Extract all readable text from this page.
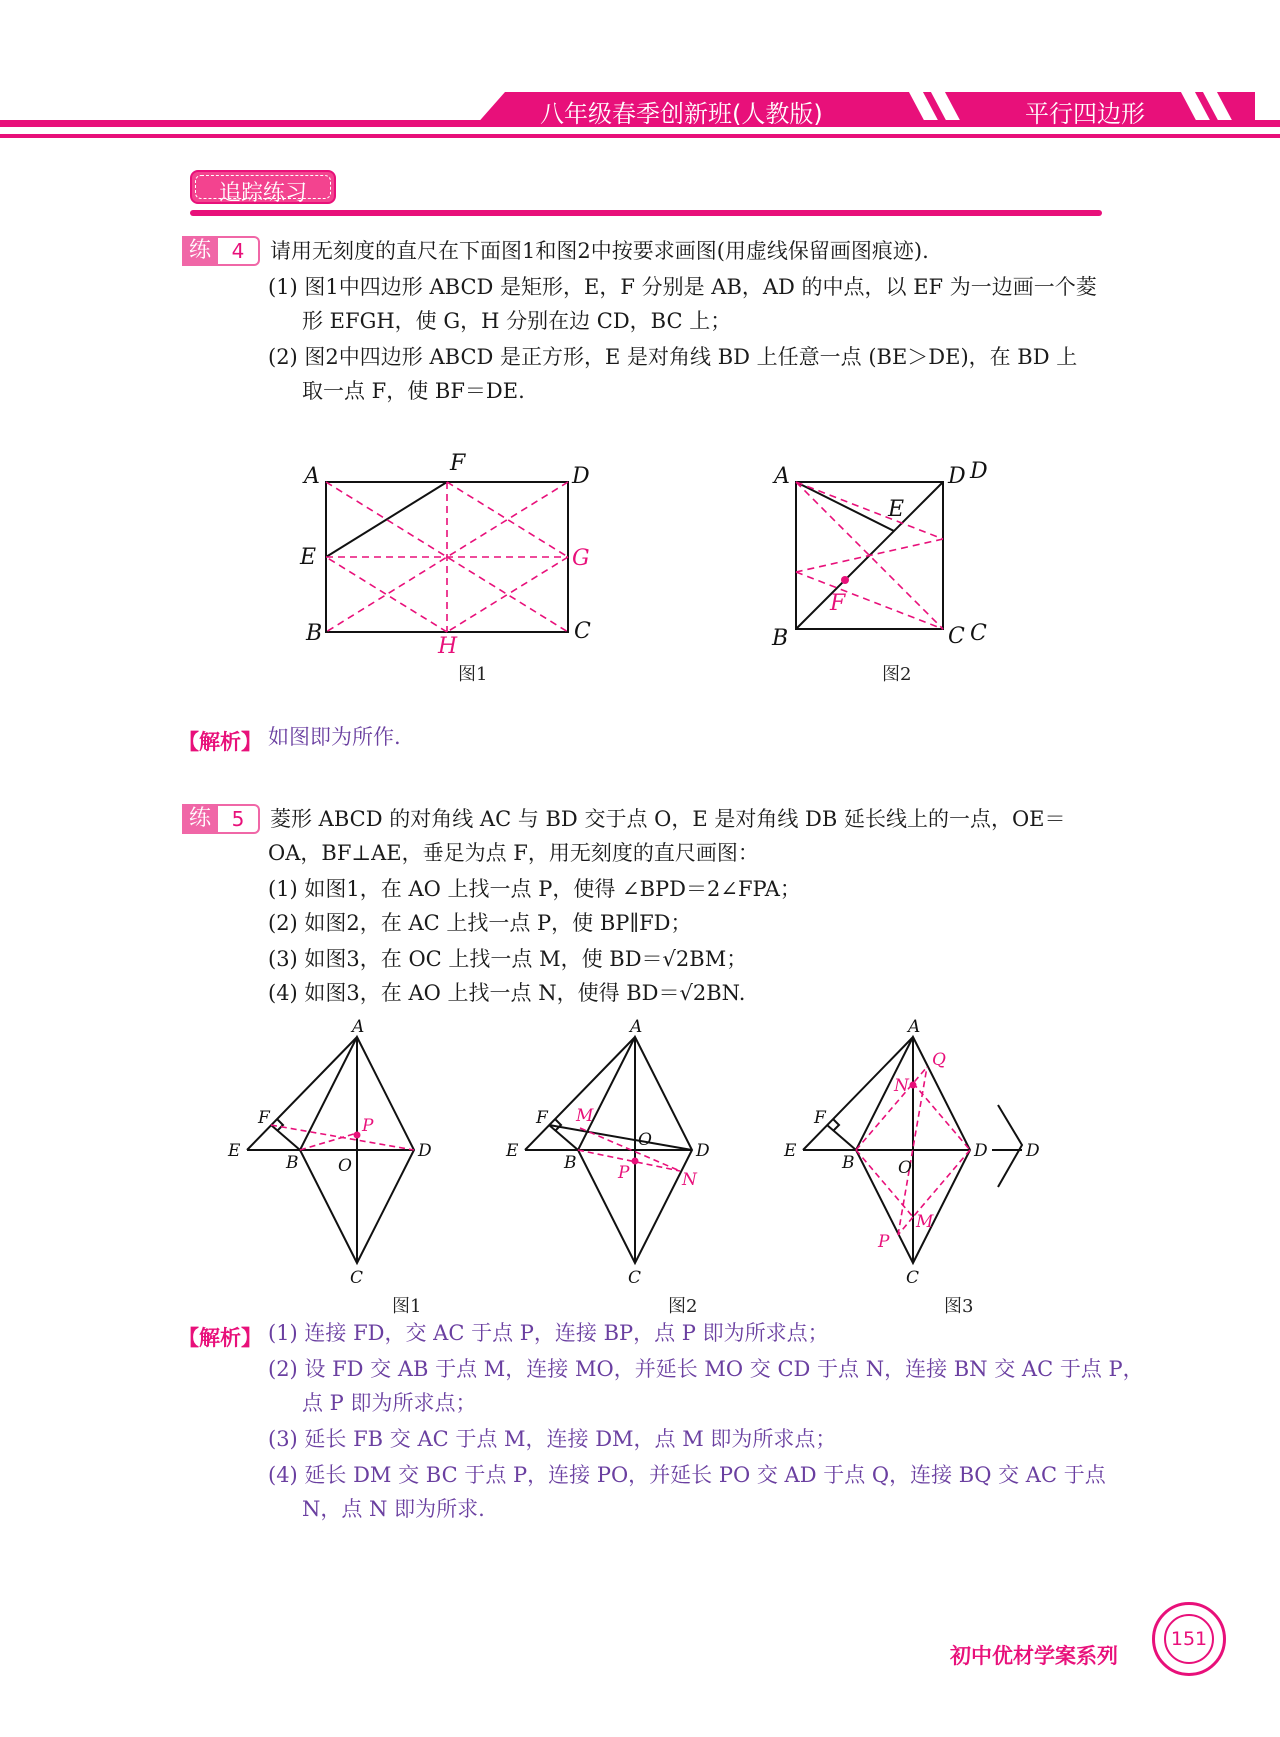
八年级春季创新班(人教版)	平行四边形
追踪练习
练	4	请用无刻度的直尺在下面图1和图2中按要求画图(用虚线保留画图痕迹).
(1) 图1中四边形 ABCD 是矩形，E，F 分别是 AB，AD 的中点，以 EF 为一边画一个菱
形 EFGH，使 G，H 分别在边 CD，BC 上；
(2) 图2中四边形 ABCD 是正方形，E 是对角线 BD 上任意一点 (BE＞DE)，在 BD 上
取一点 F，使 BF＝DE.
A
F
D
E
B	C
G
H
图1
A	D D
E
B	C C
F
图2
【解析】 如图即为所作.
练	5	菱形 ABCD 的对角线 AC 与 BD 交于点 O，E 是对角线 DB 延长线上的一点，OE＝
OA，BF⊥AE，垂足为点 F，用无刻度的直尺画图：
(1) 如图1，在 AO 上找一点 P，使得 ∠BPD＝2∠FPA；
(2) 如图2，在 AC 上找一点 P，使 BP∥FD；
(3) 如图3，在 OC 上找一点 M，使 BD＝√2BM；
(4) 如图3，在 AO 上找一点 N，使得 BD＝√2BN.
A
D
E
F
B O
C
P
图1
A
D
E
F
B
O
C
M
P	N
图2
A
D D
E
F
B	O
C
Q
N
M
P
图3
【解析】 (1) 连接 FD，交 AC 于点 P，连接 BP，点 P 即为所求点；
(2) 设 FD 交 AB 于点 M，连接 MO，并延长 MO 交 CD 于点 N，连接 BN 交 AC 于点 P，
点 P 即为所求点；
(3) 延长 FB 交 AC 于点 M，连接 DM，点 M 即为所求点；
(4) 延长 DM 交 BC 于点 P，连接 PO，并延长 PO 交 AD 于点 Q，连接 BQ 交 AC 于点
N，点 N 即为所求.
初中优材学案系列
151
